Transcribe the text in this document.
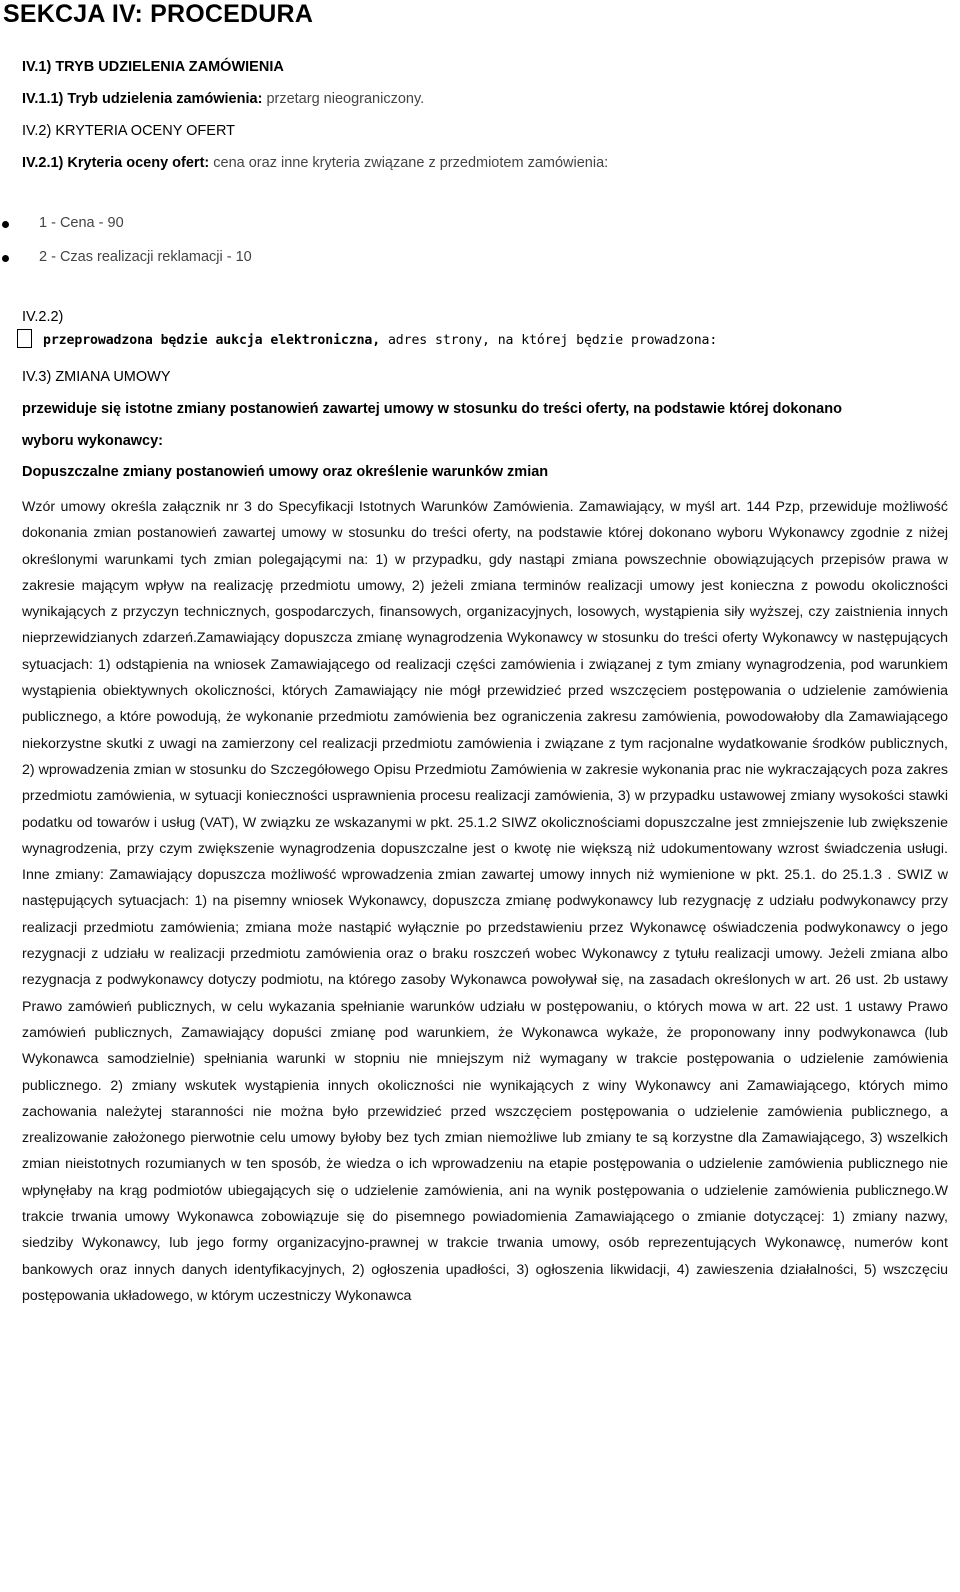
SEKCJA IV: PROCEDURA
IV.1) TRYB UDZIELENIA ZAMÓWIENIA
IV.1.1) Tryb udzielenia zamówienia: przetarg nieograniczony.
IV.2) KRYTERIA OCENY OFERT
IV.2.1) Kryteria oceny ofert: cena oraz inne kryteria związane z przedmiotem zamówienia:
1 - Cena - 90
2 - Czas realizacji reklamacji - 10
IV.2.2)
przeprowadzona będzie aukcja elektroniczna, adres strony, na której będzie prowadzona:
IV.3) ZMIANA UMOWY
przewiduje się istotne zmiany postanowień zawartej umowy w stosunku do treści oferty, na podstawie której dokonano
wyboru wykonawcy:
Dopuszczalne zmiany postanowień umowy oraz określenie warunków zmian

Wzór umowy określa załącznik nr 3 do Specyfikacji Istotnych Warunków Zamówienia. Zamawiający, w myśl art. 144 Pzp, przewiduje możliwość dokonania zmian postanowień zawartej umowy w stosunku do treści oferty, na podstawie której dokonano wyboru Wykonawcy zgodnie z niżej określonymi warunkami tych zmian polegającymi na: 1) w przypadku, gdy nastąpi zmiana powszechnie obowiązujących przepisów prawa w zakresie mającym wpływ na realizację przedmiotu umowy, 2) jeżeli zmiana terminów realizacji umowy jest konieczna z powodu okoliczności wynikających z przyczyn technicznych, gospodarczych, finansowych, organizacyjnych, losowych, wystąpienia siły wyższej, czy zaistnienia innych nieprzewidzianych zdarzeń.Zamawiający dopuszcza zmianę wynagrodzenia Wykonawcy w stosunku do treści oferty Wykonawcy w następujących sytuacjach: 1) odstąpienia na wniosek Zamawiającego od realizacji części zamówienia i związanej z tym zmiany wynagrodzenia, pod warunkiem wystąpienia obiektywnych okoliczności, których Zamawiający nie mógł przewidzieć przed wszczęciem postępowania o udzielenie zamówienia publicznego, a które powodują, że wykonanie przedmiotu zamówienia bez ograniczenia zakresu zamówienia, powodowałoby dla Zamawiającego niekorzystne skutki z uwagi na zamierzony cel realizacji przedmiotu zamówienia i związane z tym racjonalne wydatkowanie środków publicznych, 2) wprowadzenia zmian w stosunku do Szczegółowego Opisu Przedmiotu Zamówienia w zakresie wykonania prac nie wykraczających poza zakres przedmiotu zamówienia, w sytuacji konieczności usprawnienia procesu realizacji zamówienia, 3) w przypadku ustawowej zmiany wysokości stawki podatku od towarów i usług (VAT), W związku ze wskazanymi w pkt. 25.1.2 SIWZ okolicznościami dopuszczalne jest zmniejszenie lub zwiększenie wynagrodzenia, przy czym zwiększenie wynagrodzenia dopuszczalne jest o kwotę nie większą niż udokumentowany wzrost świadczenia usługi. Inne zmiany: Zamawiający dopuszcza możliwość wprowadzenia zmian zawartej umowy innych niż wymienione w pkt. 25.1. do 25.1.3 . SWIZ w następujących sytuacjach: 1) na pisemny wniosek Wykonawcy, dopuszcza zmianę podwykonawcy lub rezygnację z udziału podwykonawcy przy realizacji przedmiotu zamówienia; zmiana może nastąpić wyłącznie po przedstawieniu przez Wykonawcę oświadczenia podwykonawcy o jego rezygnacji z udziału w realizacji przedmiotu zamówienia oraz o braku roszczeń wobec Wykonawcy z tytułu realizacji umowy. Jeżeli zmiana albo rezygnacja z podwykonawcy dotyczy podmiotu, na którego zasoby Wykonawca powoływał się, na zasadach określonych w art. 26 ust. 2b ustawy Prawo zamówień publicznych, w celu wykazania spełnianie warunków udziału w postępowaniu, o których mowa w art. 22 ust. 1 ustawy Prawo zamówień publicznych, Zamawiający dopuści zmianę pod warunkiem, że Wykonawca wykaże, że proponowany inny podwykonawca (lub Wykonawca samodzielnie) spełniania warunki w stopniu nie mniejszym niż wymagany w trakcie postępowania o udzielenie zamówienia publicznego. 2) zmiany wskutek wystąpienia innych okoliczności nie wynikających z winy Wykonawcy ani Zamawiającego, których mimo zachowania należytej staranności nie można było przewidzieć przed wszczęciem postępowania o udzielenie zamówienia publicznego, a zrealizowanie założonego pierwotnie celu umowy byłoby bez tych zmian niemożliwe lub zmiany te są korzystne dla Zamawiającego, 3) wszelkich zmian nieistotnych rozumianych w ten sposób, że wiedza o ich wprowadzeniu na etapie postępowania o udzielenie zamówienia publicznego nie wpłynęłaby na krąg podmiotów ubiegających się o udzielenie zamówienia, ani na wynik postępowania o udzielenie zamówienia publicznego.W trakcie trwania umowy Wykonawca zobowiązuje się do pisemnego powiadomienia Zamawiającego o zmianie dotyczącej: 1) zmiany nazwy, siedziby Wykonawcy, lub jego formy organizacyjno-prawnej w trakcie trwania umowy, osób reprezentujących Wykonawcę, numerów kont bankowych oraz innych danych identyfikacyjnych, 2) ogłoszenia upadłości, 3) ogłoszenia likwidacji, 4) zawieszenia działalności, 5) wszczęciu postępowania układowego, w którym uczestniczy Wykonawca
